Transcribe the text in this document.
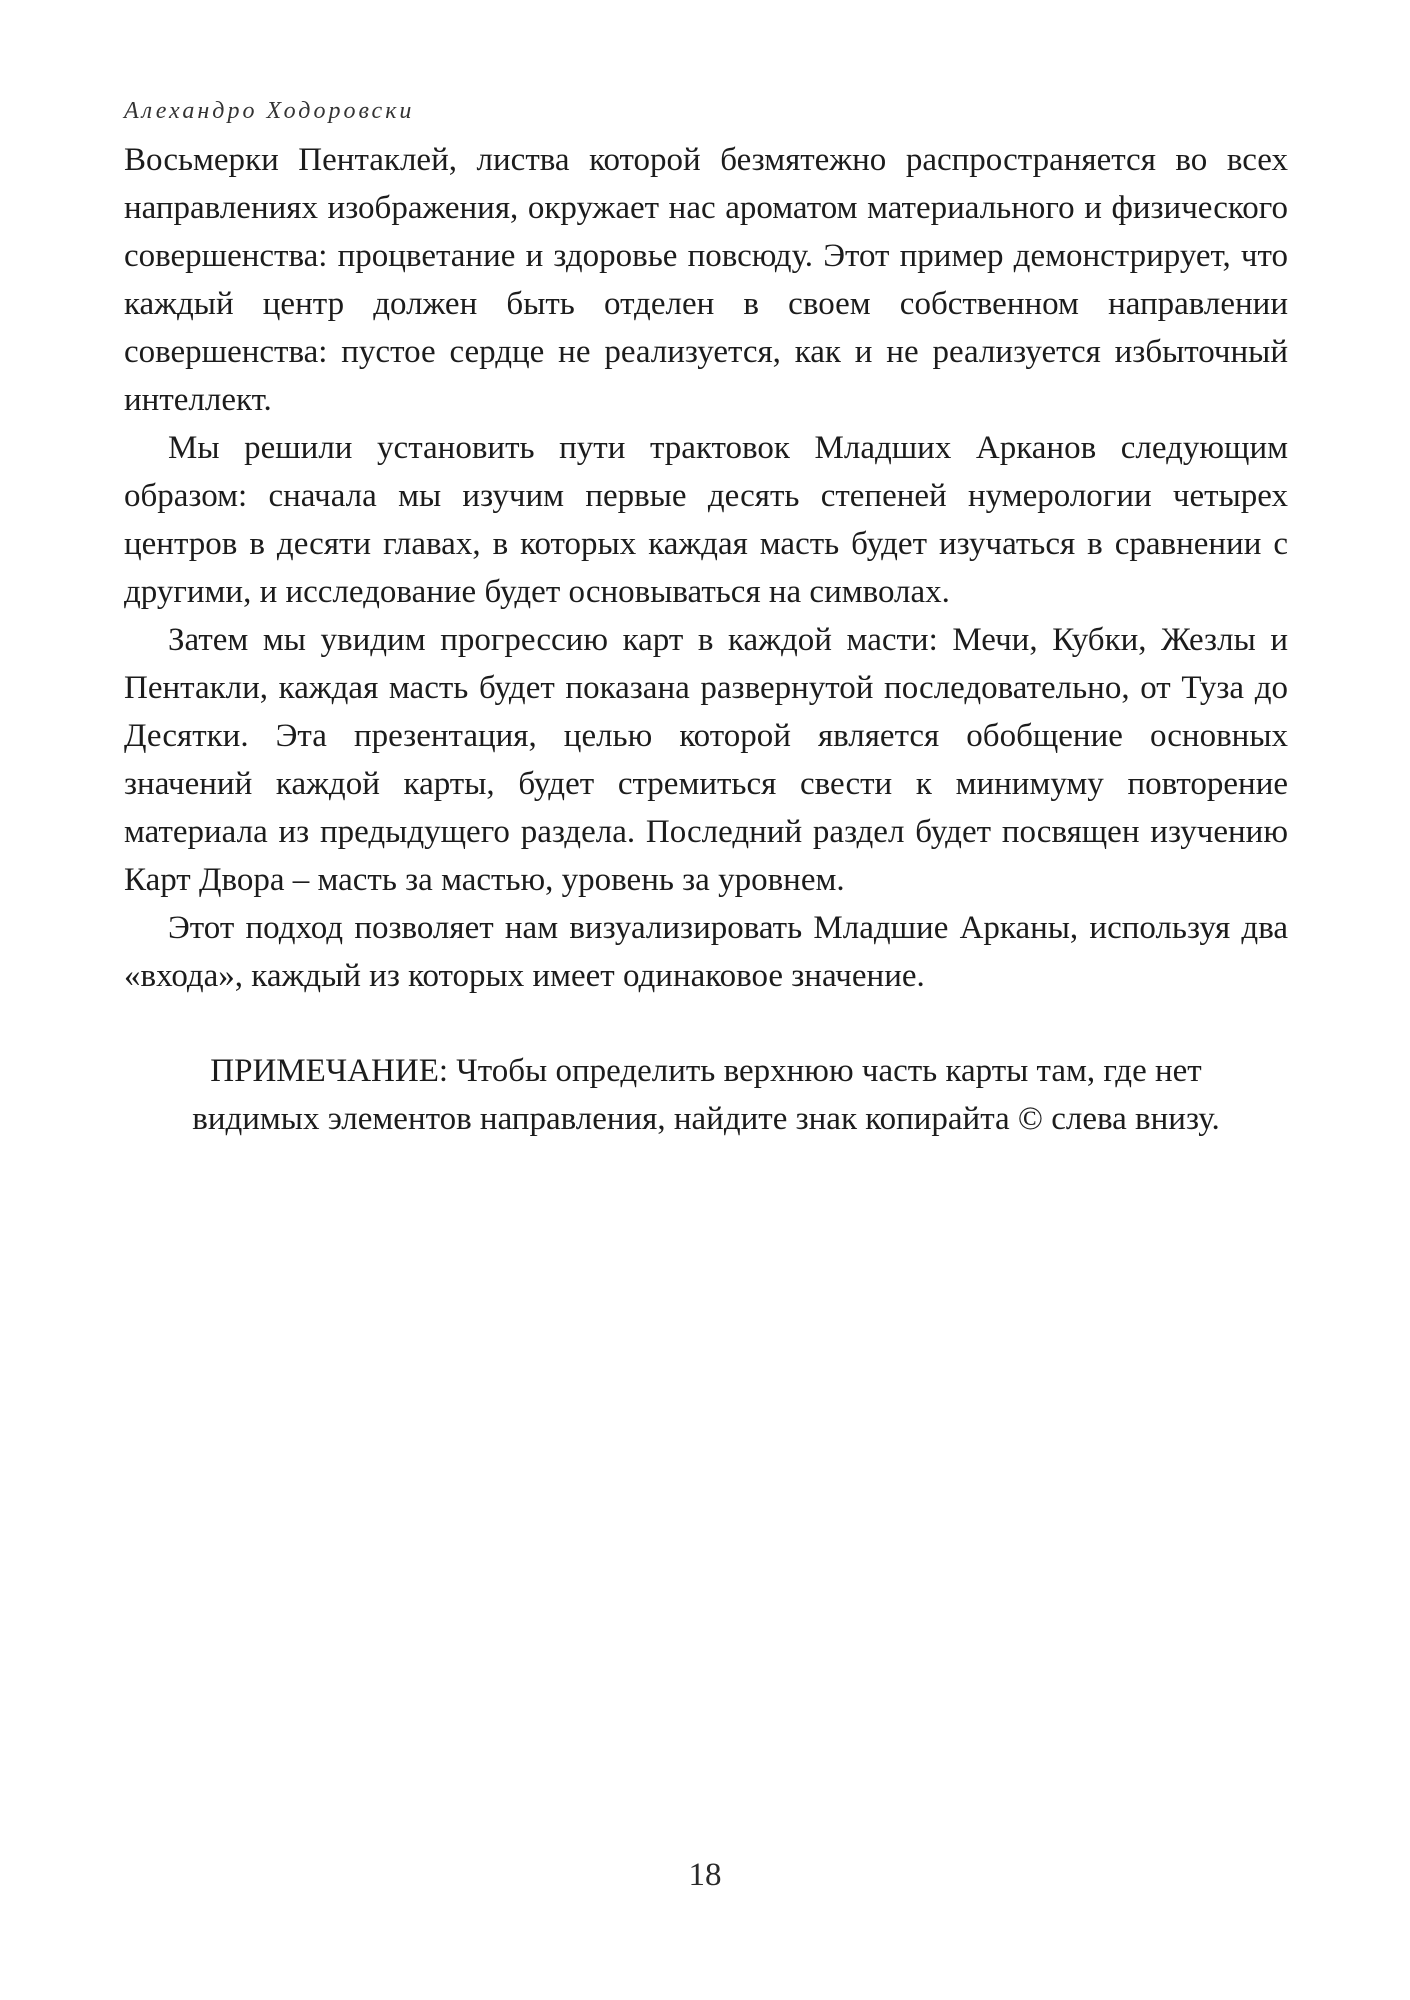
Алехандро Ходоровски

Восьмерки Пентаклей, листва которой безмятежно распространяется во всех направлениях изображения, окружает нас ароматом материального и физического совершенства: процветание и здоровье повсюду. Этот пример демонстрирует, что каждый центр должен быть отделен в своем собственном направлении совершенства: пустое сердце не реализуется, как и не реализуется избыточный интеллект.

Мы решили установить пути трактовок Младших Арканов следующим образом: сначала мы изучим первые десять степеней нумерологии четырех центров в десяти главах, в которых каждая масть будет изучаться в сравнении с другими, и исследование будет основываться на символах.

Затем мы увидим прогрессию карт в каждой масти: Мечи, Кубки, Жезлы и Пентакли, каждая масть будет показана развернутой последовательно, от Туза до Десятки. Эта презентация, целью которой является обобщение основных значений каждой карты, будет стремиться свести к минимуму повторение материала из предыдущего раздела. Последний раздел будет посвящен изучению Карт Двора – масть за мастью, уровень за уровнем.

Этот подход позволяет нам визуализировать Младшие Арканы, используя два «входа», каждый из которых имеет одинаковое значение.

ПРИМЕЧАНИЕ: Чтобы определить верхнюю часть карты там, где нет
видимых элементов направления, найдите знак копирайта © слева внизу.
18
